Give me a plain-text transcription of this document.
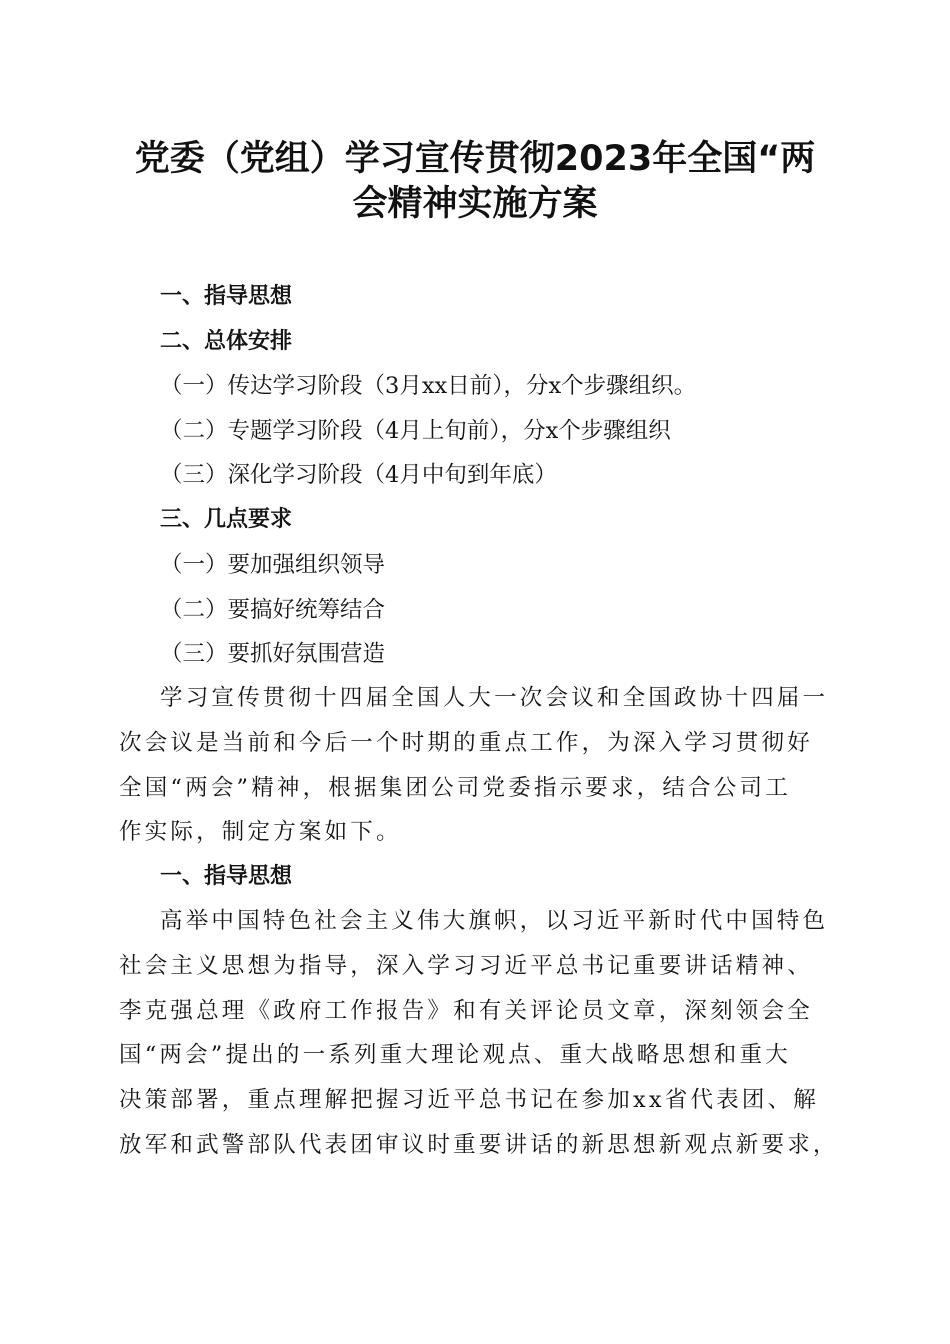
党委（党组）学习宣传贯彻2023年全国“两
会精神实施方案
一、指导思想
二、总体安排
（一）传达学习阶段（3月xx日前），分x个步骤组织。
（二）专题学习阶段（4月上旬前），分x个步骤组织
（三）深化学习阶段（4月中旬到年底）
三、几点要求
（一）要加强组织领导
（二）要搞好统筹结合
（三）要抓好氛围营造
学习宣传贯彻十四届全国人大一次会议和全国政协十四届一
次会议是当前和今后一个时期的重点工作，为深入学习贯彻好
全国“两会”精神，根据集团公司党委指示要求，结合公司工
作实际，制定方案如下。
一、指导思想
高举中国特色社会主义伟大旗帜，以习近平新时代中国特色
社会主义思想为指导，深入学习习近平总书记重要讲话精神、
李克强总理《政府工作报告》和有关评论员文章，深刻领会全
国“两会”提出的一系列重大理论观点、重大战略思想和重大
决策部署，重点理解把握习近平总书记在参加xx省代表团、解
放军和武警部队代表团审议时重要讲话的新思想新观点新要求，
